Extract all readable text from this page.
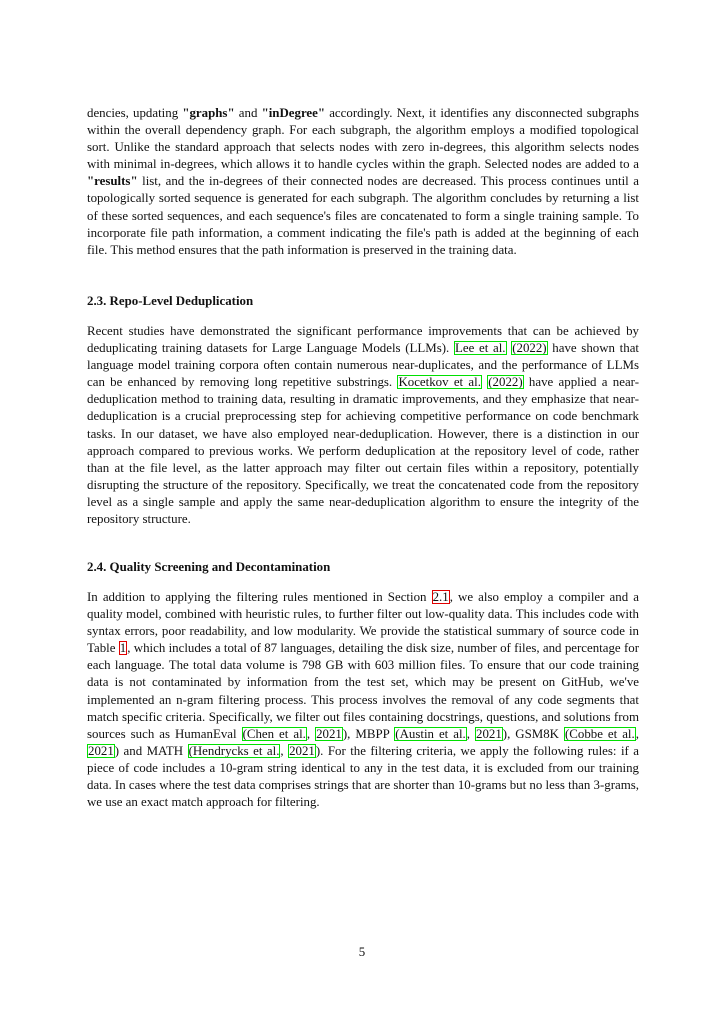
dencies, updating "graphs" and "inDegree" accordingly. Next, it identifies any disconnected subgraphs within the overall dependency graph. For each subgraph, the algorithm employs a modified topological sort. Unlike the standard approach that selects nodes with zero in-degrees, this algorithm selects nodes with minimal in-degrees, which allows it to handle cycles within the graph. Selected nodes are added to a "results" list, and the in-degrees of their connected nodes are decreased. This process continues until a topologically sorted sequence is generated for each subgraph. The algorithm concludes by returning a list of these sorted sequences, and each sequence's files are concatenated to form a single training sample. To incorporate file path information, a comment indicating the file's path is added at the beginning of each file. This method ensures that the path information is preserved in the training data.

2.3. Repo-Level Deduplication

Recent studies have demonstrated the significant performance improvements that can be achieved by deduplicating training datasets for Large Language Models (LLMs). Lee et al. (2022) have shown that language model training corpora often contain numerous near-duplicates, and the performance of LLMs can be enhanced by removing long repetitive substrings. Kocetkov et al. (2022) have applied a near-deduplication method to training data, resulting in dramatic improvements, and they emphasize that near-deduplication is a crucial preprocessing step for achieving competitive performance on code benchmark tasks. In our dataset, we have also employed near-deduplication. However, there is a distinction in our approach compared to previous works. We perform deduplication at the repository level of code, rather than at the file level, as the latter approach may filter out certain files within a repository, potentially disrupting the structure of the repository. Specifically, we treat the concatenated code from the repository level as a single sample and apply the same near-deduplication algorithm to ensure the integrity of the repository structure.

2.4. Quality Screening and Decontamination

In addition to applying the filtering rules mentioned in Section 2.1, we also employ a compiler and a quality model, combined with heuristic rules, to further filter out low-quality data. This includes code with syntax errors, poor readability, and low modularity. We provide the statistical summary of source code in Table 1, which includes a total of 87 languages, detailing the disk size, number of files, and percentage for each language. The total data volume is 798 GB with 603 million files. To ensure that our code training data is not contaminated by information from the test set, which may be present on GitHub, we've implemented an n-gram filtering process. This process involves the removal of any code segments that match specific criteria. Specifically, we filter out files containing docstrings, questions, and solutions from sources such as HumanEval (Chen et al., 2021), MBPP (Austin et al., 2021), GSM8K (Cobbe et al., 2021) and MATH (Hendrycks et al., 2021). For the filtering criteria, we apply the following rules: if a piece of code includes a 10-gram string identical to any in the test data, it is excluded from our training data. In cases where the test data comprises strings that are shorter than 10-grams but no less than 3-grams, we use an exact match approach for filtering.

5
